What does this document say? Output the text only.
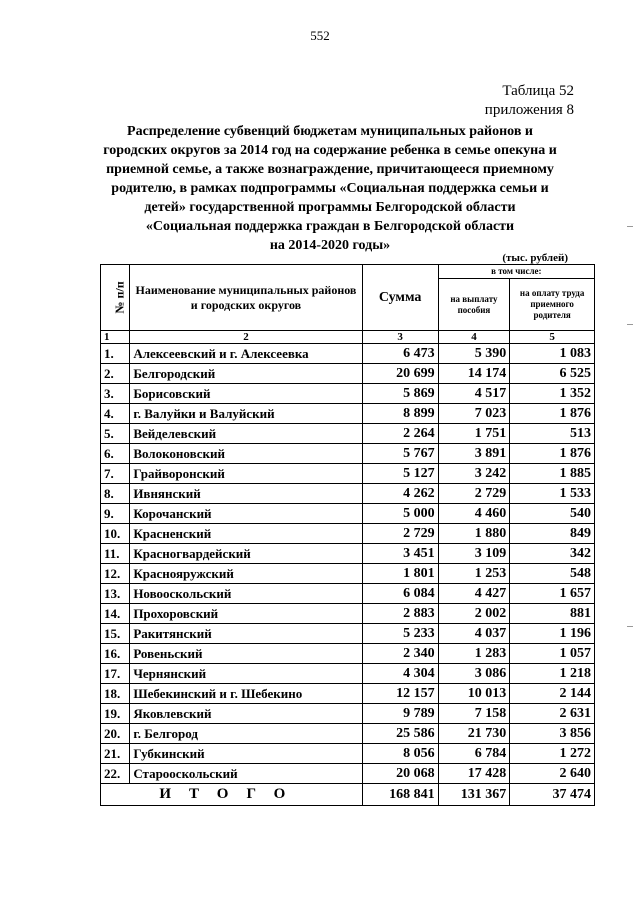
552
Таблица 52
приложения 8
Распределение субвенций бюджетам муниципальных районов и
городских округов за 2014 год на содержание ребенка в семье опекуна и
приемной семье, а также вознаграждение, причитающееся приемному
родителю, в рамках подпрограммы «Социальная поддержка семьи и
детей» государственной программы Белгородской области
«Социальная поддержка граждан в Белгородской области
на 2014-2020 годы»
(тыс. рублей)
№ п/п	Наименование муниципальных районов и городских округов	Сумма	в том числе:	
			на выплату пособия	на оплату труда приемного родителя
1	2	3	4	5
1.	Алексеевский и г. Алексеевка	6 473	5 390	1 083
2.	Белгородский	20 699	14 174	6 525
3.	Борисовский	5 869	4 517	1 352
4.	г. Валуйки и Валуйский	8 899	7 023	1 876
5.	Вейделевский	2 264	1 751	513
6.	Волоконовский	5 767	3 891	1 876
7.	Грайворонский	5 127	3 242	1 885
8.	Ивнянский	4 262	2 729	1 533
9.	Корочанский	5 000	4 460	540
10.	Красненский	2 729	1 880	849
11.	Красногвардейский	3 451	3 109	342
12.	Краснояружский	1 801	1 253	548
13.	Новооскольский	6 084	4 427	1 657
14.	Прохоровский	2 883	2 002	881
15.	Ракитянский	5 233	4 037	1 196
16.	Ровеньский	2 340	1 283	1 057
17.	Чернянский	4 304	3 086	1 218
18.	Шебекинский и г. Шебекино	12 157	10 013	2 144
19.	Яковлевский	9 789	7 158	2 631
20.	г. Белгород	25 586	21 730	3 856
21.	Губкинский	8 056	6 784	1 272
22.	Старооскольский	20 068	17 428	2 640
ИТОГО		168 841	131 367	37 474
